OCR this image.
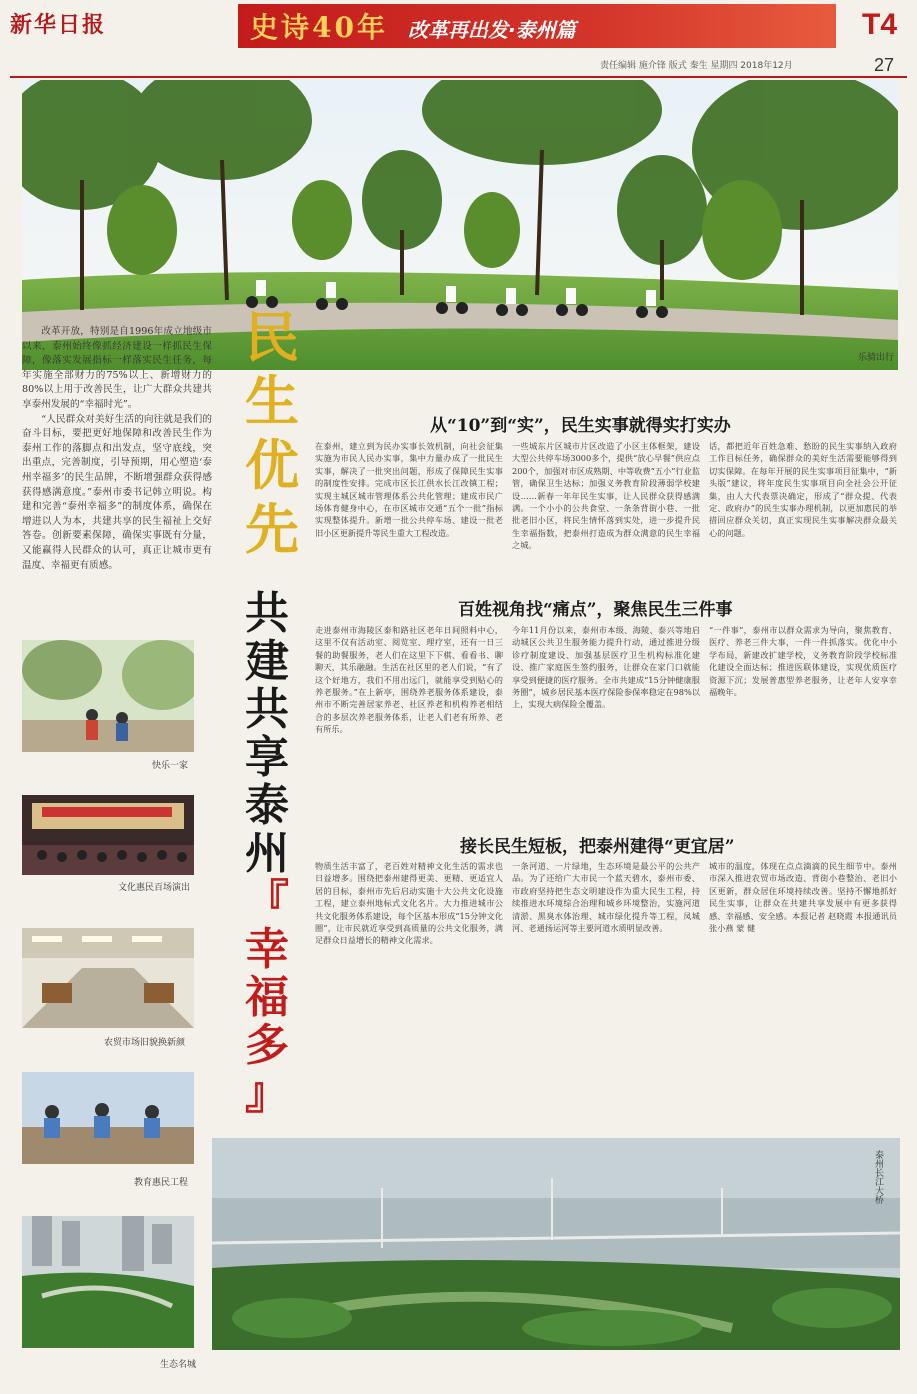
新华日报	史诗40年 改革再出发·泰州篇	T4
责任编辑 施介锋 版式 秦生 星期四 2018年12月	27
乐骑出行

改革开放，特别是自1996年成立地级市以来，泰州始终像抓经济建设一样抓民生保障，像落实发展指标一样落实民生任务，每年实施全部财力的75%以上、新增财力的80%以上用于改善民生，让广大群众共建共享泰州发展的“幸福时光”。

“人民群众对美好生活的向往就是我们的奋斗目标，要把更好地保障和改善民生作为泰州工作的落脚点和出发点，坚守底线，突出重点，完善制度，引导预期，用心塑造‘泰州幸福多’的民生品牌，不断增强群众获得感获得感满意度。”泰州市委书记韩立明说。构建和完善“泰州幸福多”的制度体系，确保在增进以人为本，共建共享的民生福祉上交好答卷。创新要素保障，确保实事既有分量，又能赢得人民群众的认可，真正让城市更有温度、幸福更有质感。

民
生
优
先
共
建
共
享
泰
州
『
幸
福
多
』
快乐一家
文化惠民百场演出
农贸市场旧貌换新颜
教育惠民工程
生态名城
泰州长江大桥
从“10”到“实”，民生实事就得实打实办
在泰州，建立到为民办实事长效机制，向社会征集实施为市民人民办实事，集中力量办成了一批民生实事，解决了一批突出问题，形成了保障民生实事的制度性安排。完成市区长江供水长江改镇工程；实现主城区城市管理体系公共化管理；建成市民广场体育健身中心，在市区城市交通“五个一批”指标实现整体提升。新增一批公共停车场、建设一批老旧小区更新提升等民生重大工程改造。
一些城东片区城市片区改造了小区主体框架，建设大型公共停车场3000多个，提供“放心早餐”供应点200个，加强对市区成熟期、中等收费“五小”行业监管，确保卫生达标；加强义务教育阶段薄弱学校建设……新春一年年民生实事，让人民群众获得感满满。一个小小的公共食堂、一条条背街小巷、一批批老旧小区，将民生情怀落到实处，进一步提升民生幸福指数，把泰州打造成为群众满意的民生幸福之城。
话，都把近年百姓急难、愁盼的民生实事纳入政府工作目标任务，确保群众的美好生活需要能够得到切实保障。在每年开展的民生实事项目征集中，“新头版”建议，将年度民生实事项目向全社会公开征集，由人大代表票决确定，形成了“群众提、代表定、政府办”的民生实事办理机制，以更加惠民的举措回应群众关切，真正实现民生实事解决群众最关心的问题。
百姓视角找“痛点”，聚焦民生三件事
走进泰州市海陵区泰和路社区老年日间照料中心，这里不仅有活动室、阅览室、理疗室，还有一日三餐的助餐服务，老人们在这里下下棋、看看书、聊聊天，其乐融融。生活在社区里的老人们说，“有了这个好地方，我们不用出远门，就能享受到贴心的养老服务。”在上新亭，围绕养老服务体系建设，泰州市不断完善居家养老、社区养老和机构养老相结合的多层次养老服务体系，让老人们老有所养、老有所乐。
今年11月份以来，泰州市本级、海陵、泰兴等地启动城区公共卫生服务能力提升行动，通过推进分级诊疗制度建设、加强基层医疗卫生机构标准化建设、推广家庭医生签约服务，让群众在家门口就能享受到便捷的医疗服务。全市共建成“15分钟健康服务圈”，城乡居民基本医疗保险参保率稳定在98%以上，实现大病保险全覆盖。
“一件事”，泰州市以群众需求为导向，聚焦教育、医疗、养老三件大事，一件一件抓落实。优化中小学布局，新建改扩建学校，义务教育阶段学校标准化建设全面达标；推进医联体建设，实现优质医疗资源下沉；发展普惠型养老服务，让老年人安享幸福晚年。
接长民生短板，把泰州建得“更宜居”
物质生活丰富了，老百姓对精神文化生活的需求也日益增多。围绕把泰州建得更美、更精、更适宜人居的目标，泰州市先后启动实施十大公共文化设施工程，建立泰州地标式文化名片。大力推进城市公共文化服务体系建设，每个区基本形成“15分钟文化圈”，让市民就近享受到高质量的公共文化服务，满足群众日益增长的精神文化需求。
一条河道、一片绿地，生态环境是最公平的公共产品。为了还给广大市民一个蓝天碧水，泰州市委、市政府坚持把生态文明建设作为重大民生工程，持续推进水环境综合治理和城乡环境整治，实施河道清淤、黑臭水体治理、城市绿化提升等工程，凤城河、老通扬运河等主要河道水质明显改善。
城市的温度，体现在点点滴滴的民生细节中。泰州市深入推进农贸市场改造、背街小巷整治、老旧小区更新，群众居住环境持续改善。坚持不懈地抓好民生实事，让群众在共建共享发展中有更多获得感、幸福感、安全感。本报记者 赵晓霞 本报通讯员 张小燕 蒙 健
